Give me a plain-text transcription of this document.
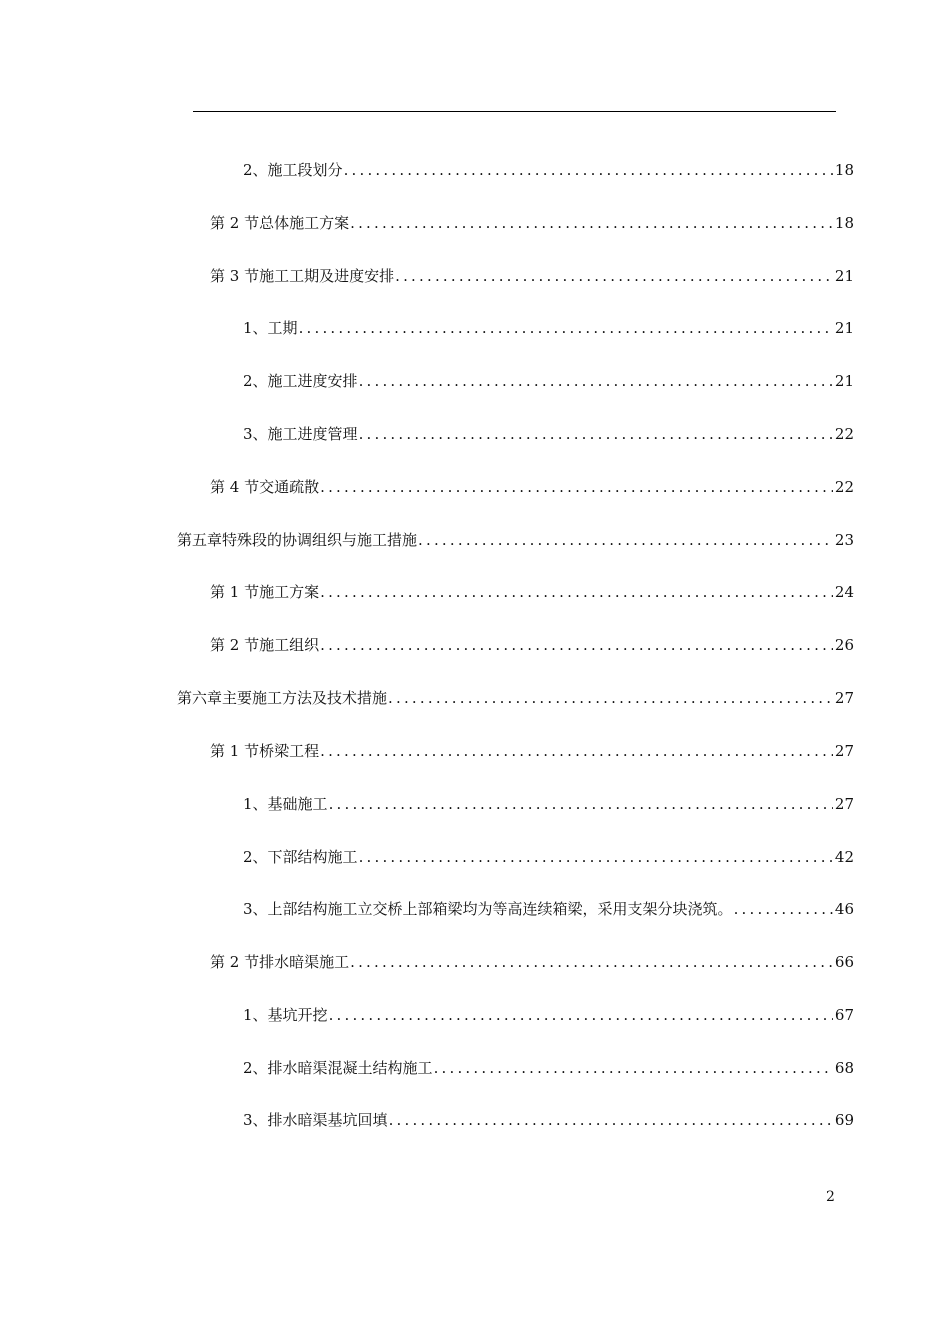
2、 施工段划分 .....	18
第 2 节 总体施工方案 .....	18
第 3 节 施工工期及进度安排 .....	21
1、 工期 .....	21
2、 施工进度安排 .....	21
3、 施工进度管理 .....	22
第 4 节 交通疏散 .....	22
第五章 特殊段的协调组织与施工措施 .....	23
第 1 节 施工方案 .....	24
第 2 节 施工组织 .....	26
第六章 主要施工方法及技术措施 .....	27
第 1 节 桥梁工程 .....	27
1、 基础施工 .....	27
2、 下部结构施工 .....	42
3、 上部结构施工立交桥上部箱梁均为等高连续箱梁，采用支架分块浇筑。 .....	46
第 2 节 排水暗渠施工 .....	66
1、 基坑开挖 .....	67
2、 排水暗渠混凝土结构施工 .....	68
3、 排水暗渠基坑回填 .....	69
2
